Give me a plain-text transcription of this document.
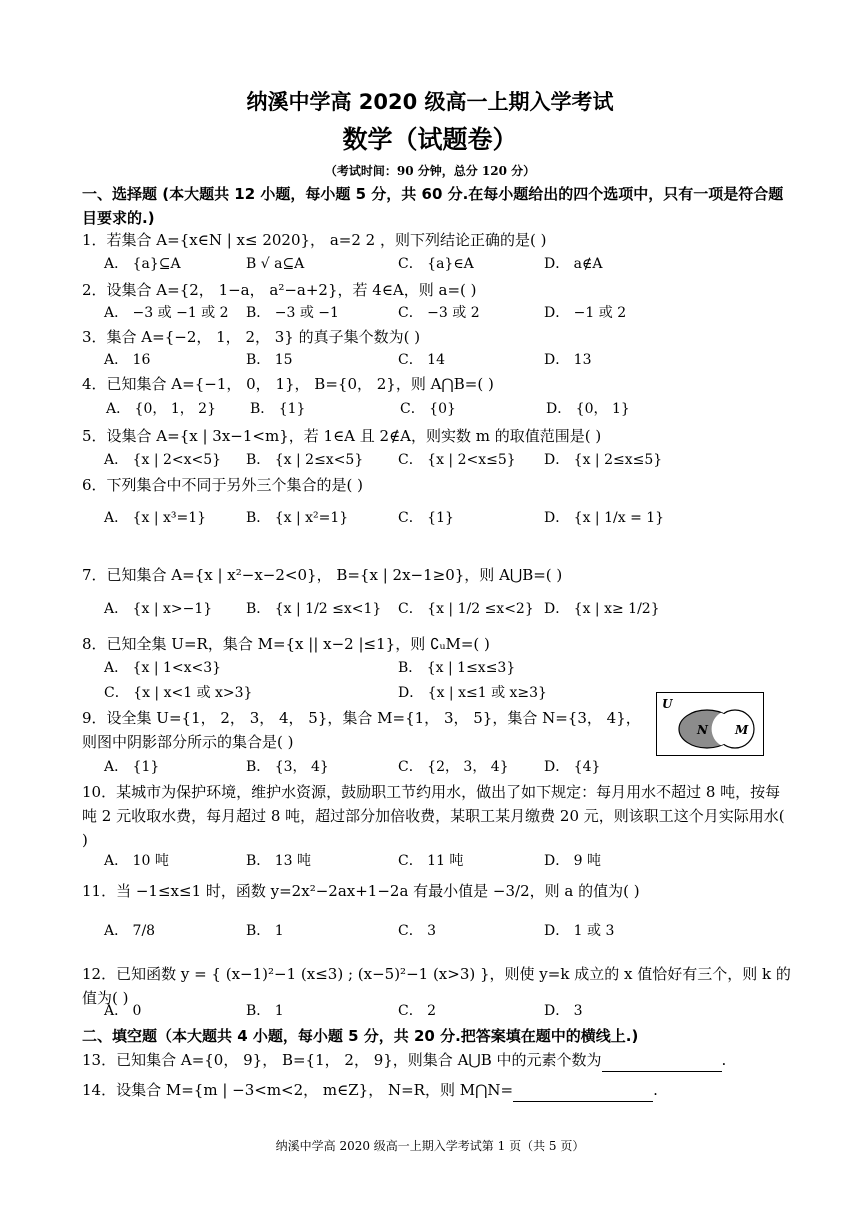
纳溪中学高 2020 级高一上期入学考试
数学（试题卷）
（考试时间：90 分钟，总分 120 分）
一、选择题 (本大题共 12 小题，每小题 5 分，共 60 分.在每小题给出的四个选项中，只有一项是符合题目要求的.)
1．若集合 A={x∈N | x≤ 2020}， a=2 2 ，则下列结论正确的是( )
A． {a}⊆A	B √ a⊆A	C． {a}∈A	D． a∉A
2．设集合 A={2， 1−a， a²−a+2}，若 4∈A，则 a=( )
A． −3 或 −1 或 2 B． −3 或 −1	C． −3 或 2	D． −1 或 2
3．集合 A={−2， 1， 2， 3} 的真子集个数为( )
A． 16	B． 15	C． 14	D． 13
4．已知集合 A={−1， 0， 1}， B={0， 2}，则 A⋂B=( )
A． {0， 1， 2} B． {1}	C． {0}	D． {0， 1}
5．设集合 A={x | 3x−1<m}，若 1∈A 且 2∉A，则实数 m 的取值范围是( )
A． {x | 2<x<5} B． {x | 2≤x<5} C． {x | 2<x≤5} D． {x | 2≤x≤5}
6．下列集合中不同于另外三个集合的是( )
A． {x | x³=1}	B． {x | x²=1}	C． {1}	D． {x | 1/x = 1}
7．已知集合 A={x | x²−x−2<0}， B={x | 2x−1≥0}，则 A⋃B=( )
A． {x | x>−1} B． {x | 1/2 ≤x<1} C． {x | 1/2 ≤x<2} D． {x | x≥ 1/2}
8．已知全集 U=R，集合 M={x || x−2 |≤1}，则 ∁ᵤM=( )
A． {x | 1<x<3}	B． {x | 1≤x≤3}
C． {x | x<1 或 x>3}	D． {x | x≤1 或 x≥3}
9．设全集 U={1， 2， 3， 4， 5}，集合 M={1， 3， 5}，集合 N={3， 4}，则图中阴影部分所示的集合是( )
A． {1}	B． {3， 4}	C． {2， 3， 4}	D． {4}
U
N M
10．某城市为保护环境，维护水资源，鼓励职工节约用水，做出了如下规定：每月用水不超过 8 吨，按每吨 2 元收取水费，每月超过 8 吨，超过部分加倍收费，某职工某月缴费 20 元，则该职工这个月实际用水( )
A． 10 吨	B． 13 吨	C． 11 吨	D． 9 吨
11．当 −1≤x≤1 时，函数 y=2x²−2ax+1−2a 有最小值是 −3/2，则 a 的值为( )
A． 7/8	B． 1	C． 3	D． 1 或 3
12．已知函数 y = { (x−1)²−1 (x≤3) ; (x−5)²−1 (x>3) }，则使 y=k 成立的 x 值恰好有三个，则 k 的值为( )
A． 0	B． 1	C． 2	D． 3
二、填空题（本大题共 4 小题，每小题 5 分，共 20 分.把答案填在题中的横线上.)
13．已知集合 A={0， 9}， B={1， 2， 9}，则集合 A⋃B 中的元素个数为	.
14．设集合 M={m | −3<m<2， m∈Z}， N=R，则 M⋂N=	.
纳溪中学高 2020 级高一上期入学考试第 1 页（共 5 页）
